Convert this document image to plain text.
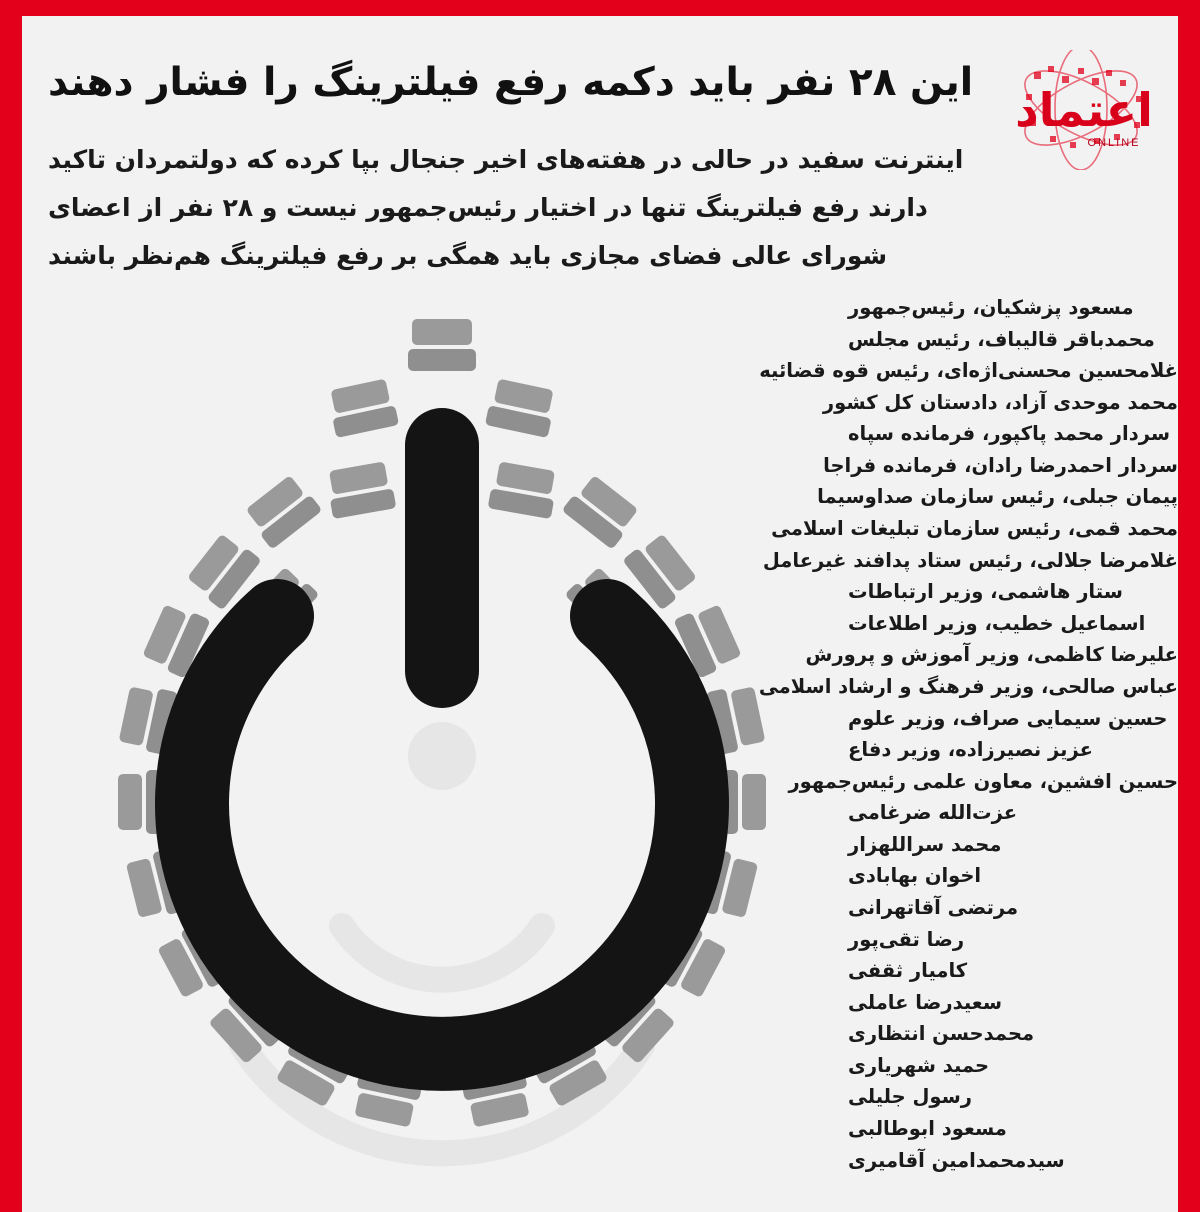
اعتماد
ONLINE
این ۲۸ نفر باید دکمه رفع فیلترینگ را فشار دهند
اینترنت سفید در حالی در هفته‌های اخیر جنجال بپا کرده که دولتمردان تاکید دارند رفع فیلترینگ تنها در اختیار رئیس‌جمهور نیست و ۲۸ نفر از اعضای شورای عالی فضای مجازی باید همگی بر رفع فیلترینگ هم‌نظر باشند
مسعود پزشکیان، رئیس‌جمهور
محمدباقر قالیباف، رئیس مجلس
غلامحسین محسنی‌اژه‌ای، رئیس قوه قضائیه
محمد موحدی آزاد، دادستان کل کشور
سردار محمد پاکپور، فرمانده سپاه
سردار احمدرضا رادان، فرمانده فراجا
پیمان جبلی، رئیس سازمان صداوسیما
محمد قمی، رئیس سازمان تبلیغات اسلامی
غلامرضا جلالی، رئیس ستاد پدافند غیرعامل
ستار هاشمی، وزیر ارتباطات
اسماعیل خطیب، وزیر اطلاعات
علیرضا کاظمی، وزیر آموزش و پرورش
عباس صالحی، وزیر فرهنگ و ارشاد اسلامی
حسین سیمایی صراف، وزیر علوم
عزیز نصیرزاده، وزیر دفاع
حسین افشین، معاون علمی رئیس‌جمهور
عزت‌الله ضرغامی
محمد سراللهزار
اخوان بهابادی
مرتضی آقاتهرانی
رضا تقی‌پور
کامیار ثقفی
سعیدرضا عاملی
محمدحسن انتظاری
حمید شهریاری
رسول جلیلی
مسعود ابوطالبی
سیدمحمدامین آقامیری
